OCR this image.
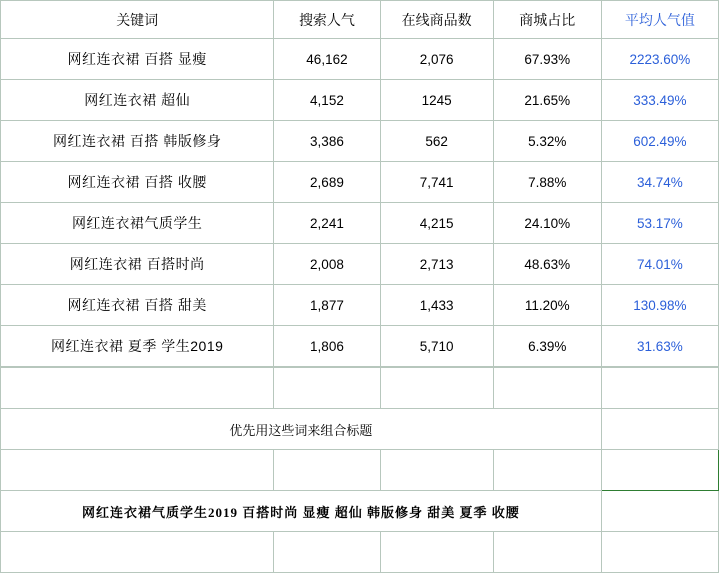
关键词	搜索人气	在线商品数	商城占比	平均人气值
网红连衣裙 百搭 显瘦	46,162	2,076	67.93%	2223.60%
网红连衣裙 超仙	4,152	1245	21.65%	333.49%
网红连衣裙 百搭 韩版修身	3,386	562	5.32%	602.49%
网红连衣裙 百搭 收腰	2,689	7,741	7.88%	34.74%
网红连衣裙气质学生	2,241	4,215	24.10%	53.17%
网红连衣裙 百搭时尚	2,008	2,713	48.63%	74.01%
网红连衣裙 百搭 甜美	1,877	1,433	11.20%	130.98%
网红连衣裙 夏季 学生2019	1,806	5,710	6.39%	31.63%

优先用这些词来组合标题				

网红连衣裙气质学生2019 百搭时尚 显瘦 超仙 韩版修身 甜美 夏季 收腰				
